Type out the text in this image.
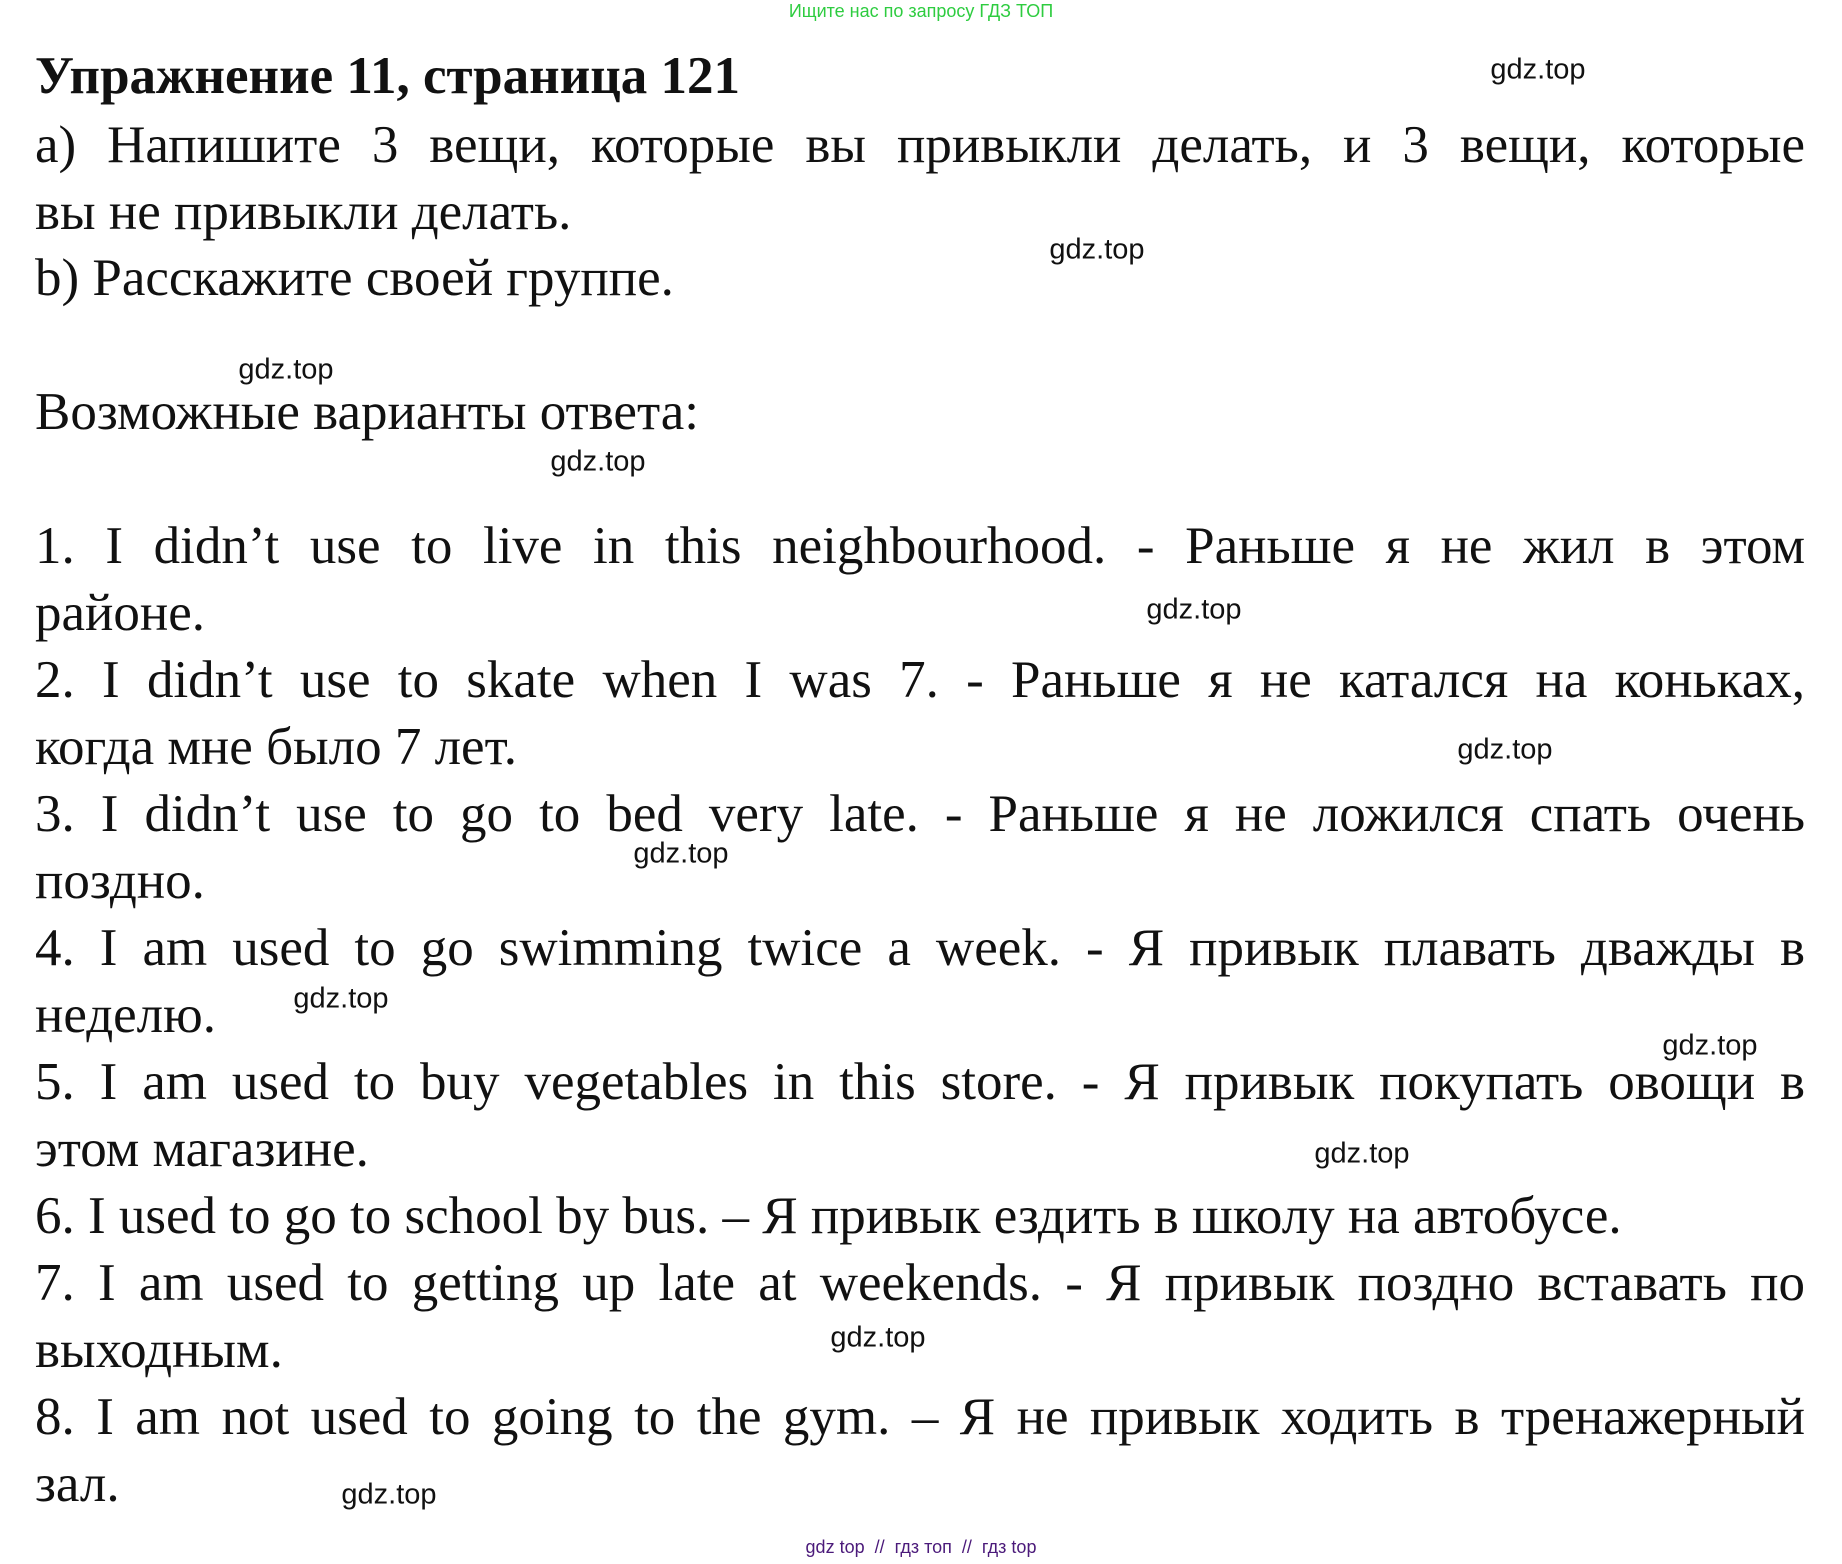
Ищите нас по запросу ГДЗ ТОП
Упражнение 11, страница 121
a) Напишите 3 вещи, которые вы привыкли делать, и 3 вещи, которые
вы не привыкли делать.
b) Расскажите своей группе.
Возможные варианты ответа:
1. I didn’t use to live in this neighbourhood. - Раньше я не жил в этом
районе.
2. I didn’t use to skate when I was 7. - Раньше я не катался на коньках,
когда мне было 7 лет.
3. I didn’t use to go to bed very late. - Раньше я не ложился спать очень
поздно.
4. I am used to go swimming twice a week. - Я привык плавать дважды в
неделю.
5. I am used to buy vegetables in this store. - Я привык покупать овощи в
этом магазине.
6. I used to go to school by bus. – Я привык ездить в школу на автобусе.
7. I am used to getting up late at weekends. - Я привык поздно вставать по
выходным.
8. I am not used to going to the gym. – Я не привык ходить в тренажерный
зал.
gdz.top
gdz.top
gdz.top
gdz.top
gdz.top
gdz.top
gdz.top
gdz.top
gdz.top
gdz.top
gdz.top
gdz.top
gdz top  //  гдз топ  //  гдз top
